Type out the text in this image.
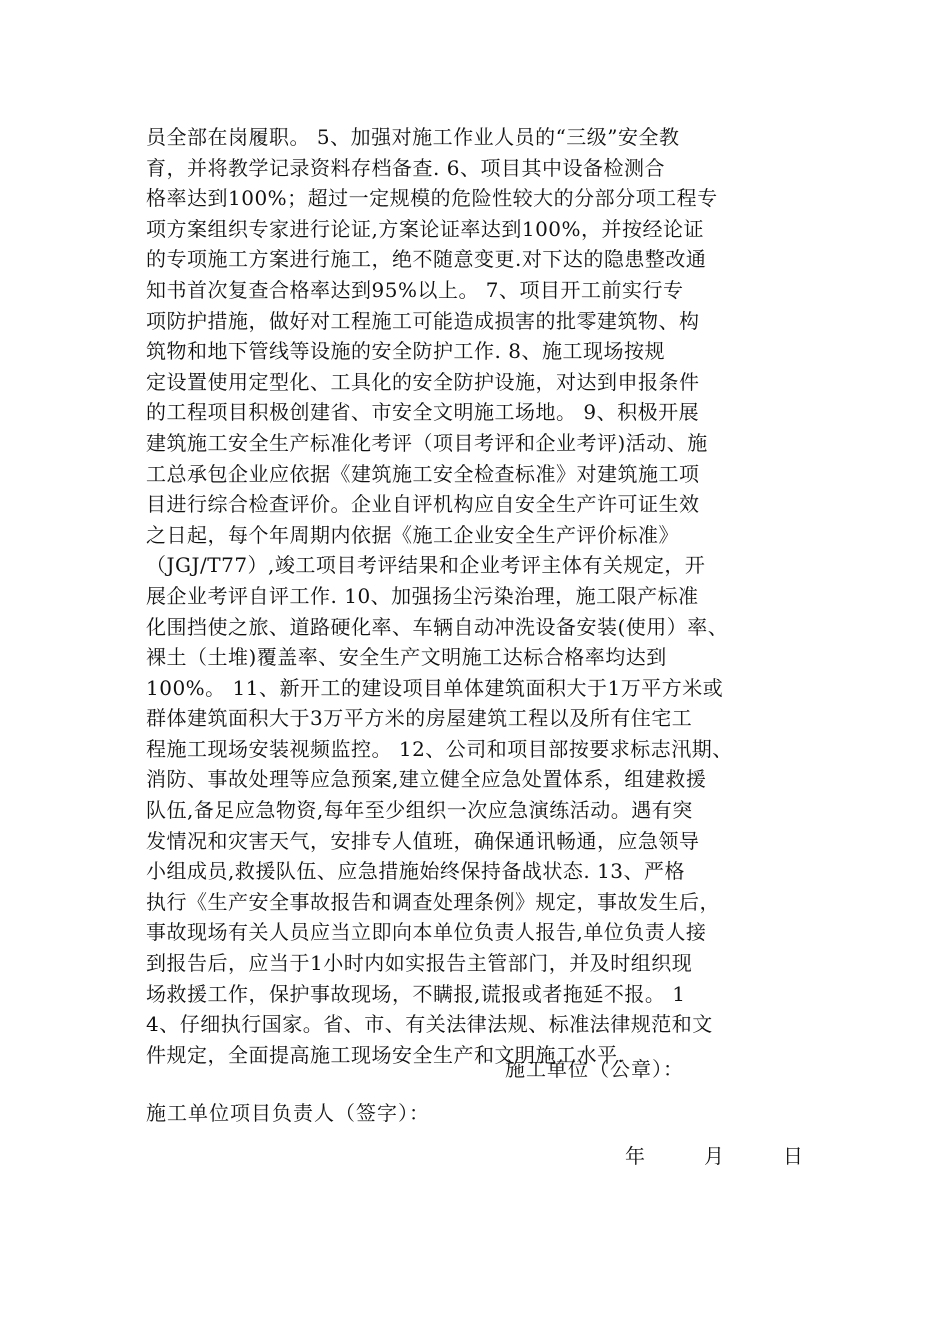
员全部在岗履职。 5、加强对施工作业人员的“三级”安全教
育，并将教学记录资料存档备查. 6、项目其中设备检测合
格率达到100%；超过一定规模的危险性较大的分部分项工程专
项方案组织专家进行论证,方案论证率达到100%，并按经论证
的专项施工方案进行施工，绝不随意变更.对下达的隐患整改通
知书首次复查合格率达到95%以上。 7、项目开工前实行专
项防护措施，做好对工程施工可能造成损害的批零建筑物、构
筑物和地下管线等设施的安全防护工作. 8、施工现场按规
定设置使用定型化、工具化的安全防护设施，对达到申报条件
的工程项目积极创建省、市安全文明施工场地。 9、积极开展
建筑施工安全生产标准化考评（项目考评和企业考评)活动、施
工总承包企业应依据《建筑施工安全检查标准》对建筑施工项
目进行综合检查评价。企业自评机构应自安全生产许可证生效
之日起，每个年周期内依据《施工企业安全生产评价标准》
（JGJ/T77）,竣工项目考评结果和企业考评主体有关规定，开
展企业考评自评工作. 10、加强扬尘污染治理，施工限产标准
化围挡使之旅、道路硬化率、车辆自动冲洗设备安装(使用）率、
裸土（土堆)覆盖率、安全生产文明施工达标合格率均达到
100%。 11、新开工的建设项目单体建筑面积大于1万平方米或
群体建筑面积大于3万平方米的房屋建筑工程以及所有住宅工
程施工现场安装视频监控。 12、公司和项目部按要求标志汛期、
消防、事故处理等应急预案,建立健全应急处置体系，组建救援
队伍,备足应急物资,每年至少组织一次应急演练活动。遇有突
发情况和灾害天气，安排专人值班，确保通讯畅通，应急领导
小组成员,救援队伍、应急措施始终保持备战状态. 13、严格
执行《生产安全事故报告和调查处理条例》规定，事故发生后，
事故现场有关人员应当立即向本单位负责人报告,单位负责人接
到报告后，应当于1小时内如实报告主管部门，并及时组织现
场救援工作，保护事故现场，不瞒报,谎报或者拖延不报。 1
4、仔细执行国家。省、市、有关法律法规、标准法律规范和文
件规定，全面提高施工现场安全生产和文明施工水平.
施工单位（公章）：
施工单位项目负责人（签字）：
年	月	日
